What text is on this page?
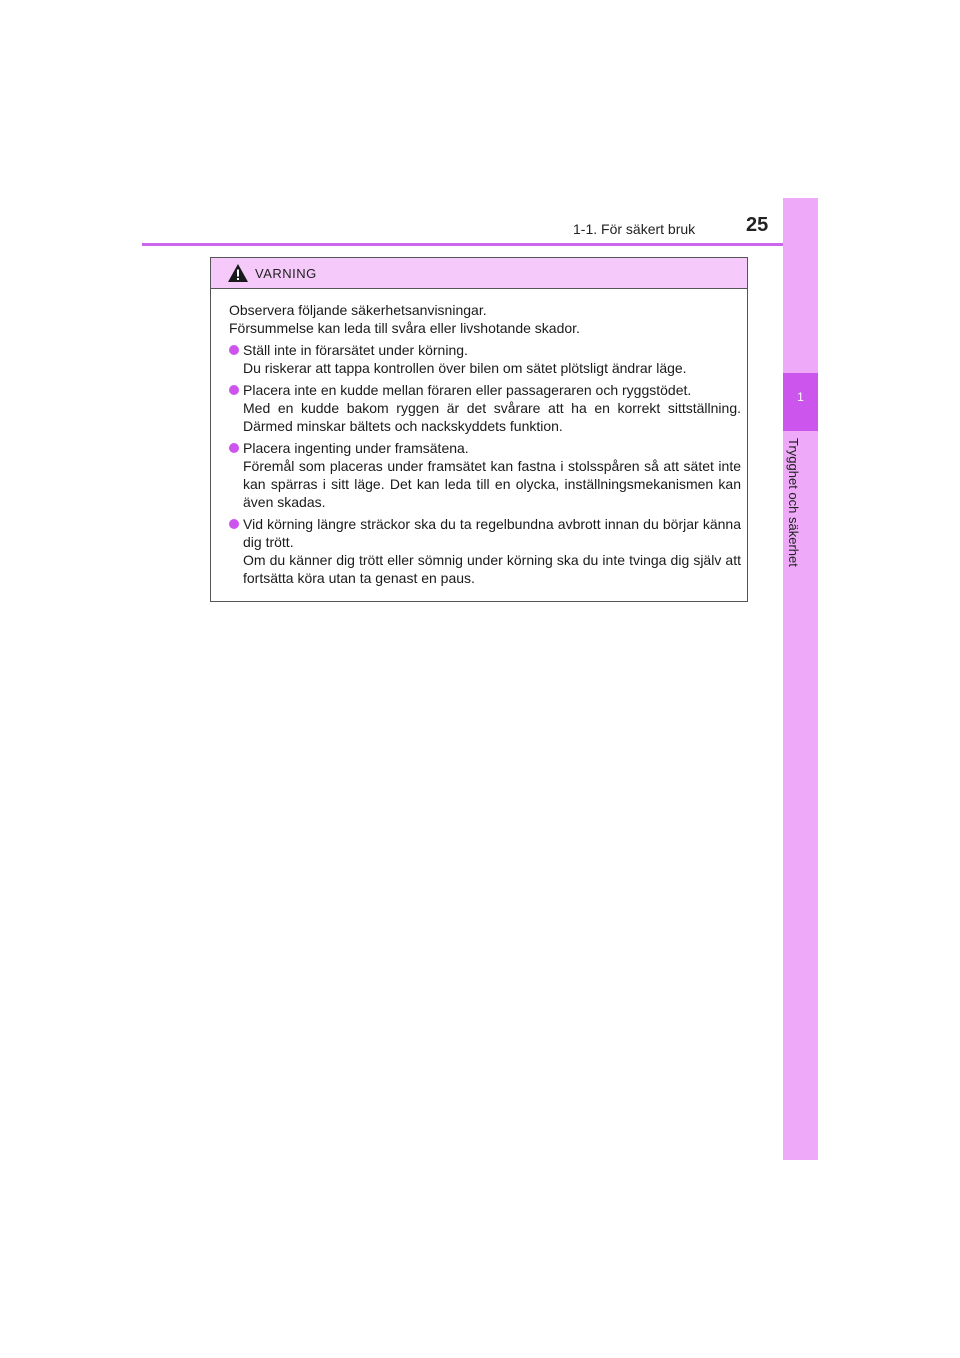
1-1. För säkert bruk	25
1
Trygghet och säkerhet
VARNING

Observera följande säkerhetsanvisningar.
Försummelse kan leda till svåra eller livshotande skador.

Ställ inte in förarsätet under körning.
Du riskerar att tappa kontrollen över bilen om sätet plötsligt ändrar läge.
Placera inte en kudde mellan föraren eller passageraren och ryggstödet.
Med en kudde bakom ryggen är det svårare att ha en korrekt sittställning. Därmed minskar bältets och nackskyddets funktion.
Placera ingenting under framsätena.
Föremål som placeras under framsätet kan fastna i stolsspåren så att sätet inte kan spärras i sitt läge. Det kan leda till en olycka, inställningsmekanismen kan även skadas.
Vid körning längre sträckor ska du ta regelbundna avbrott innan du börjar känna dig trött.
Om du känner dig trött eller sömnig under körning ska du inte tvinga dig själv att fortsätta köra utan ta genast en paus.
